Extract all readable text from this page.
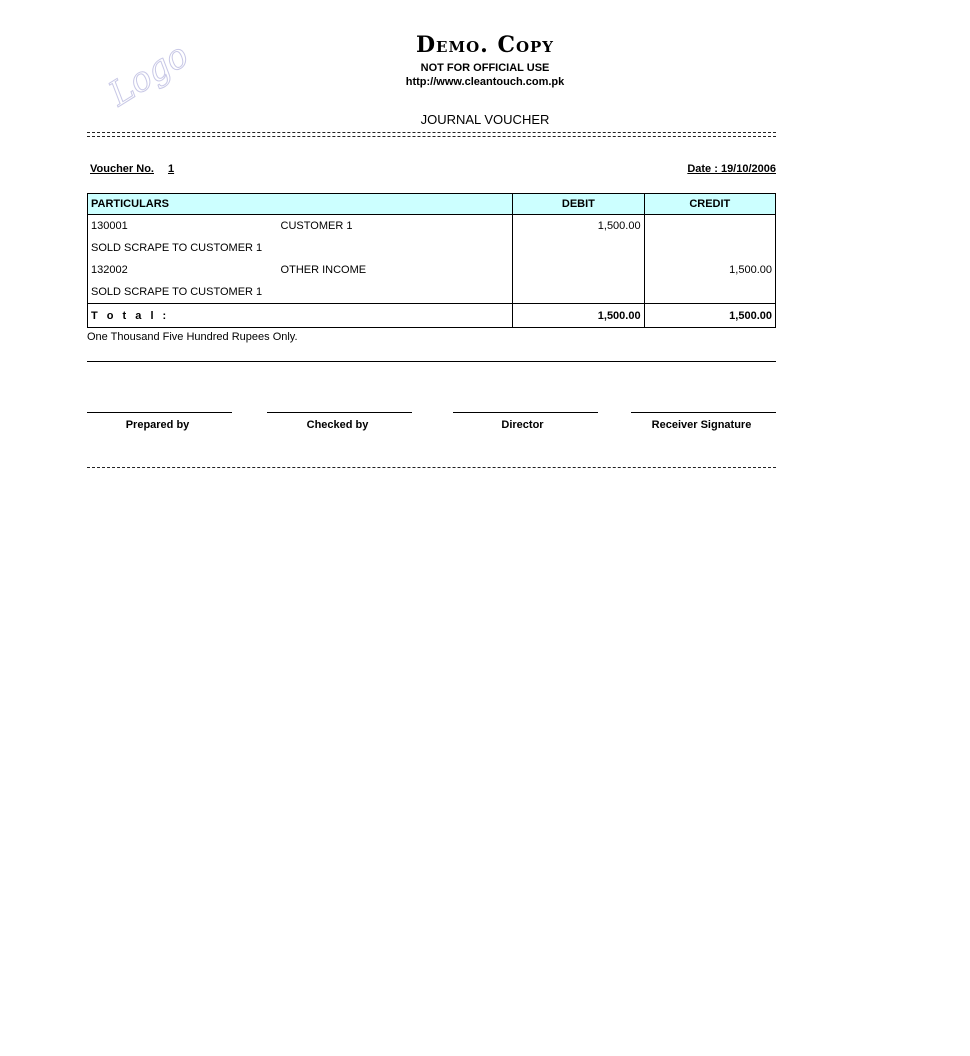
Logo	Demo. Copy
NOT FOR OFFICIAL USE
http://www.cleantouch.com.pk
JOURNAL VOUCHER
Voucher No. 1	Date : 19/10/2006
PARTICULARS		DEBIT	CREDIT
130001	CUSTOMER 1	1,500.00	
SOLD SCRAPE TO CUSTOMER 1			
132002	OTHER INCOME		1,500.00
SOLD SCRAPE TO CUSTOMER 1			
T o t a l :		1,500.00	1,500.00
One Thousand Five Hundred Rupees Only.
Prepared by	Checked by	Director	Receiver Signature
